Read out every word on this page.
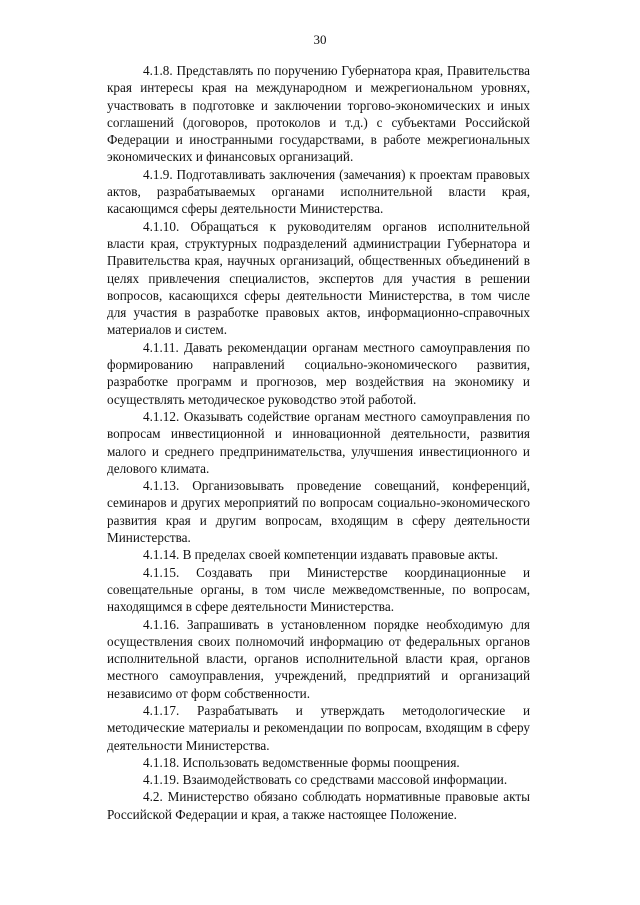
30

4.1.8. Представлять по поручению Губернатора края, Правительства края интересы края на международном и межрегиональном уровнях, участвовать в подготовке и заключении торгово-экономических и иных соглашений (договоров, протоколов и т.д.) с субъектами Российской Федерации и иностранными государствами, в работе межрегиональных экономических и финансовых организаций.

4.1.9. Подготавливать заключения (замечания) к проектам правовых актов, разрабатываемых органами исполнительной власти края, касающимся сферы деятельности Министерства.

4.1.10. Обращаться к руководителям органов исполнительной власти края, структурных подразделений администрации Губернатора и Правительства края, научных организаций, общественных объединений в целях привлечения специалистов, экспертов для участия в решении вопросов, касающихся сферы деятельности Министерства, в том числе для участия в разработке правовых актов, информационно-справочных материалов и систем.

4.1.11. Давать рекомендации органам местного самоуправления по формированию направлений социально-экономического развития, разработке программ и прогнозов, мер воздействия на экономику и осуществлять методическое руководство этой работой.

4.1.12. Оказывать содействие органам местного самоуправления по вопросам инвестиционной и инновационной деятельности, развития малого и среднего предпринимательства, улучшения инвестиционного и делового климата.

4.1.13. Организовывать проведение совещаний, конференций, семинаров и других мероприятий по вопросам социально-экономического развития края и другим вопросам, входящим в сферу деятельности Министерства.

4.1.14. В пределах своей компетенции издавать правовые акты.

4.1.15. Создавать при Министерстве координационные и совещательные органы, в том числе межведомственные, по вопросам, находящимся в сфере деятельности Министерства.

4.1.16. Запрашивать в установленном порядке необходимую для осуществления своих полномочий информацию от федеральных органов исполнительной власти, органов исполнительной власти края, органов местного самоуправления, учреждений, предприятий и организаций независимо от форм собственности.

4.1.17. Разрабатывать и утверждать методологические и методические материалы и рекомендации по вопросам, входящим в сферу деятельности Министерства.

4.1.18. Использовать ведомственные формы поощрения.

4.1.19. Взаимодействовать со средствами массовой информации.

4.2. Министерство обязано соблюдать нормативные правовые акты Российской Федерации и края, а также настоящее Положение.
